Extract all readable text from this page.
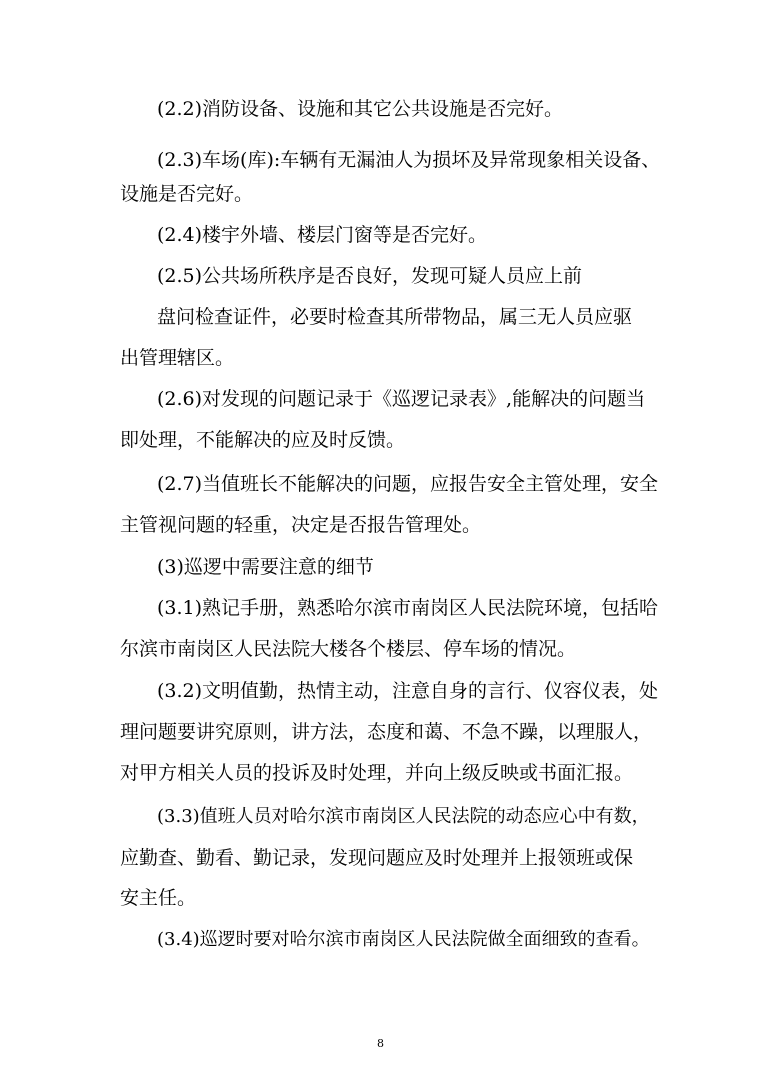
(2.2)消防设备、设施和其它公共设施是否完好。
(2.3)车场(库):车辆有无漏油人为损坏及异常现象相关设备、
设施是否完好。
(2.4)楼宇外墙、楼层门窗等是否完好。
(2.5)公共场所秩序是否良好，发现可疑人员应上前
盘问检查证件，必要时检查其所带物品，属三无人员应驱
出管理辖区。
(2.6)对发现的问题记录于《巡逻记录表》,能解决的问题当
即处理，不能解决的应及时反馈。
(2.7)当值班长不能解决的问题，应报告安全主管处理，安全
主管视问题的轻重，决定是否报告管理处。
(3)巡逻中需要注意的细节
(3.1)熟记手册，熟悉哈尔滨市南岗区人民法院环境，包括哈
尔滨市南岗区人民法院大楼各个楼层、停车场的情况。
(3.2)文明值勤，热情主动，注意自身的言行、仪容仪表，处
理问题要讲究原则，讲方法，态度和蔼、不急不躁，以理服人，
对甲方相关人员的投诉及时处理，并向上级反映或书面汇报。
(3.3)值班人员对哈尔滨市南岗区人民法院的动态应心中有数，
应勤查、勤看、勤记录，发现问题应及时处理并上报领班或保
安主任。
(3.4)巡逻时要对哈尔滨市南岗区人民法院做全面细致的查看。
8
